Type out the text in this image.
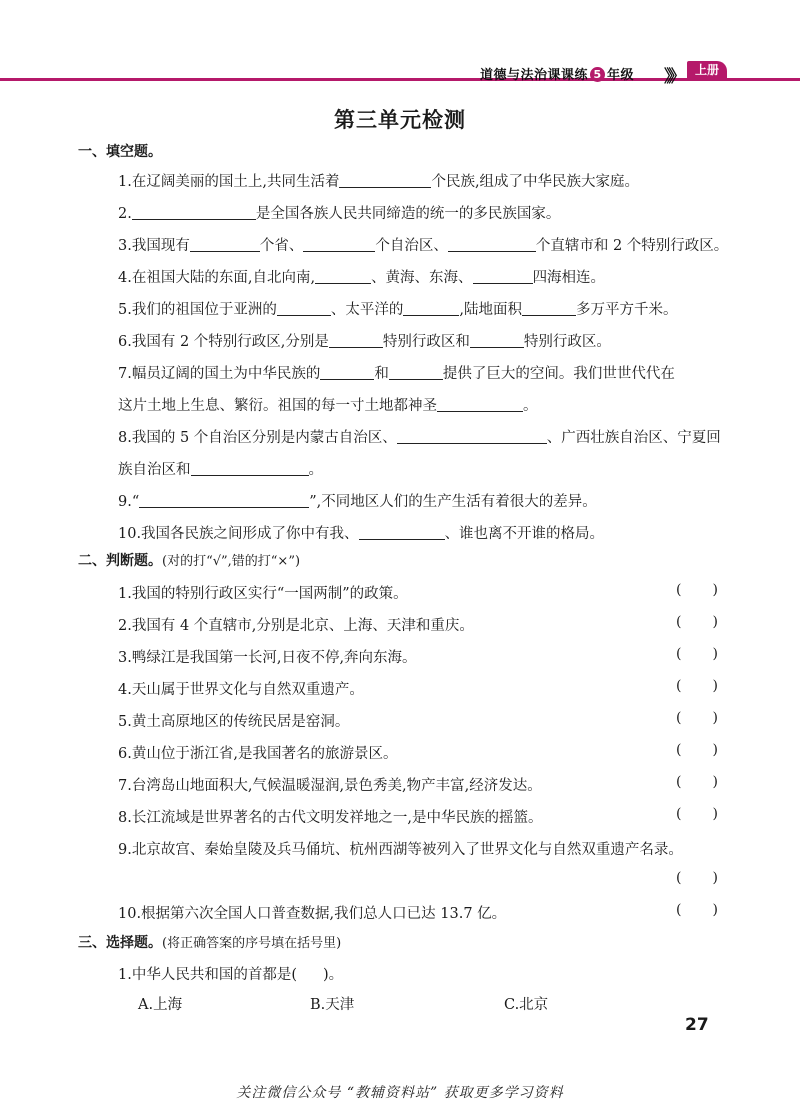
道德与法治课课练 5 年级 》》	上册
第三单元检测
一、填空题。
1.在辽阔美丽的国土上,共同生活着	个民族,组成了中华民族大家庭。
2.	是全国各族人民共同缔造的统一的多民族国家。
3.我国现有	个省、	个自治区、	个直辖市和 2 个特别行政区。
4.在祖国大陆的东面,自北向南,	、黄海、东海、	四海相连。
5.我们的祖国位于亚洲的	、太平洋的	,陆地面积	多万平方千米。
6.我国有 2 个特别行政区,分别是	特别行政区和	特别行政区。
7.幅员辽阔的国土为中华民族的	和	提供了巨大的空间。我们世世代代在
这片土地上生息、繁衍。祖国的每一寸土地都神圣	。
8.我国的 5 个自治区分别是内蒙古自治区、	、广西壮族自治区、宁夏回
族自治区和	。
9.“	”,不同地区人们的生产生活有着很大的差异。
10.我国各民族之间形成了你中有我、	、谁也离不开谁的格局。
二、判断题。(对的打“√”,错的打“×”)
1.我国的特别行政区实行“一国两制”的政策。	( )
2.我国有 4 个直辖市,分别是北京、上海、天津和重庆。	( )
3.鸭绿江是我国第一长河,日夜不停,奔向东海。	( )
4.天山属于世界文化与自然双重遗产。	( )
5.黄土高原地区的传统民居是窑洞。	( )
6.黄山位于浙江省,是我国著名的旅游景区。	( )
7.台湾岛山地面积大,气候温暖湿润,景色秀美,物产丰富,经济发达。	( )
8.长江流域是世界著名的古代文明发祥地之一,是中华民族的摇篮。	( )
9.北京故宫、秦始皇陵及兵马俑坑、杭州西湖等被列入了世界文化与自然双重遗产名录。
( )
10.根据第六次全国人口普查数据,我们总人口已达 13.7 亿。	( )
三、选择题。(将正确答案的序号填在括号里)
1.中华人民共和国的首都是( )。
A.上海	B.天津	C.北京
27
关注微信公众号 “教辅资料站” 获取更多学习资料
